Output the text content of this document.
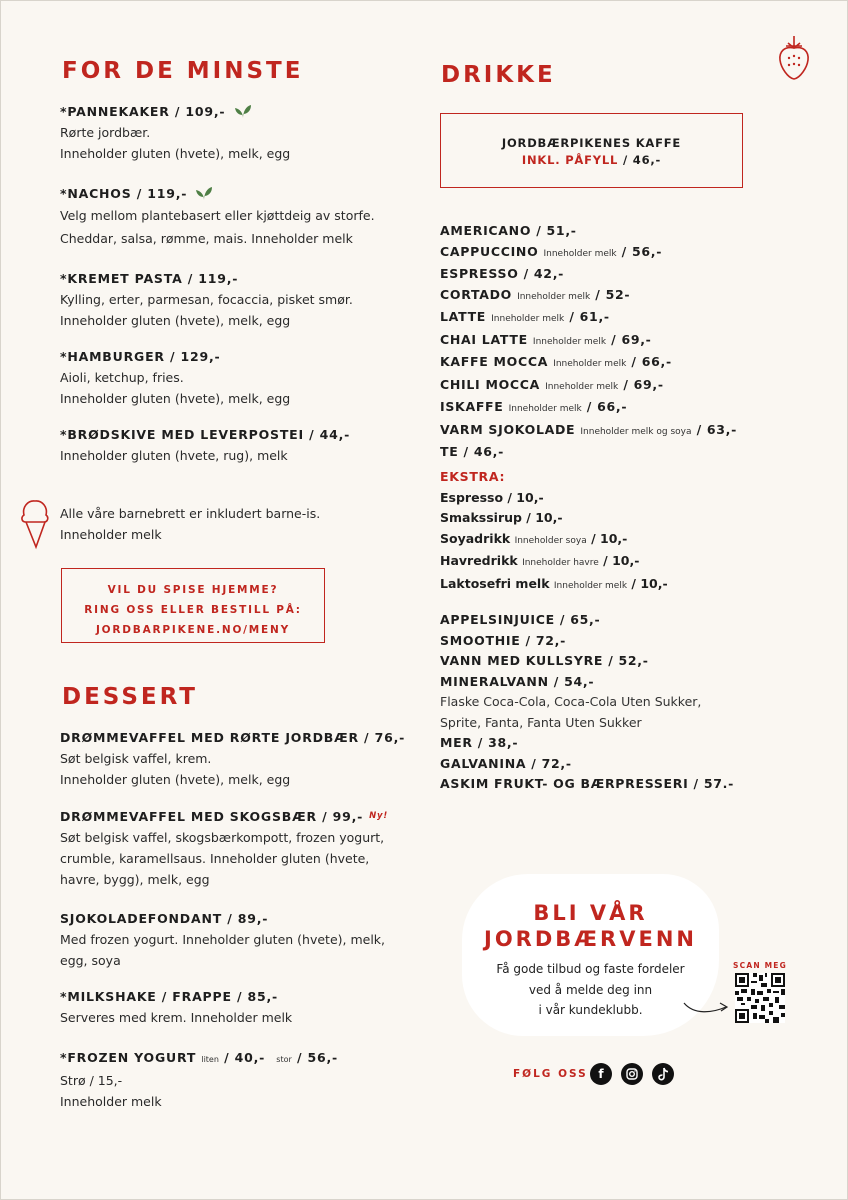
FOR DE MINSTE
*PANNEKAKER / 109,-
Rørte jordbær.
Inneholder gluten (hvete), melk, egg
*NACHOS / 119,-
Velg mellom plantebasert eller kjøttdeig av storfe.
Cheddar, salsa, rømme, mais. Inneholder melk
*KREMET PASTA / 119,-
Kylling, erter, parmesan, focaccia, pisket smør.
Inneholder gluten (hvete), melk, egg
*HAMBURGER / 129,-
Aioli, ketchup, fries.
Inneholder gluten (hvete), melk, egg
*BRØDSKIVE MED LEVERPOSTEI / 44,-
Inneholder gluten (hvete, rug), melk
Alle våre barnebrett er inkludert barne-is.
Inneholder melk
VIL DU SPISE HJEMME?
RING OSS ELLER BESTILL PÅ:
JORDBARPIKENE.NO/MENY
DESSERT
DRØMMEVAFFEL MED RØRTE JORDBÆR / 76,-
Søt belgisk vaffel, krem.
Inneholder gluten (hvete), melk, egg
DRØMMEVAFFEL MED SKOGSBÆR / 99,- $^{Ny!}$
Søt belgisk vaffel, skogsbærkompott, frozen yogurt,
crumble, karamellsaus. Inneholder gluten (hvete,
havre, bygg), melk, egg
SJOKOLADEFONDANT / 89,-
Med frozen yogurt. Inneholder gluten (hvete), melk,
egg, soya
*MILKSHAKE / FRAPPE / 85,-
Serveres med krem. Inneholder melk
*FROZEN YOGURT liten / 40,- stor / 56,-
Strø / 15,-
Inneholder melk
DRIKKE
JORDBÆRPIKENES KAFFE
INKL. PÅFYLL / 46,-
AMERICANO / 51,-
CAPPUCCINO Inneholder melk / 56,-
ESPRESSO / 42,-
CORTADO Inneholder melk / 52-
LATTE Inneholder melk / 61,-
CHAI LATTE Inneholder melk / 69,-
KAFFE MOCCA Inneholder melk / 66,-
CHILI MOCCA Inneholder melk / 69,-
ISKAFFE Inneholder melk / 66,-
VARM SJOKOLADE Inneholder melk og soya / 63,-
TE / 46,-
EKSTRA:
Espresso / 10,-
Smakssirup / 10,-
Soyadrikk Inneholder soya / 10,-
Havredrikk Inneholder havre / 10,-
Laktosefri melk Inneholder melk / 10,-
APPELSINJUICE / 65,-
SMOOTHIE / 72,-
VANN MED KULLSYRE / 52,-
MINERALVANN / 54,-
Flaske Coca-Cola, Coca-Cola Uten Sukker,
Sprite, Fanta, Fanta Uten Sukker
MER / 38,-
GALVANINA / 72,-
ASKIM FRUKT- OG BÆRPRESSERI / 57.-
BLI VÅR
JORDBÆRVENN
Få gode tilbud og faste fordeler
ved å melde deg inn
i vår kundeklubb.
SCAN MEG
FØLG OSS f
